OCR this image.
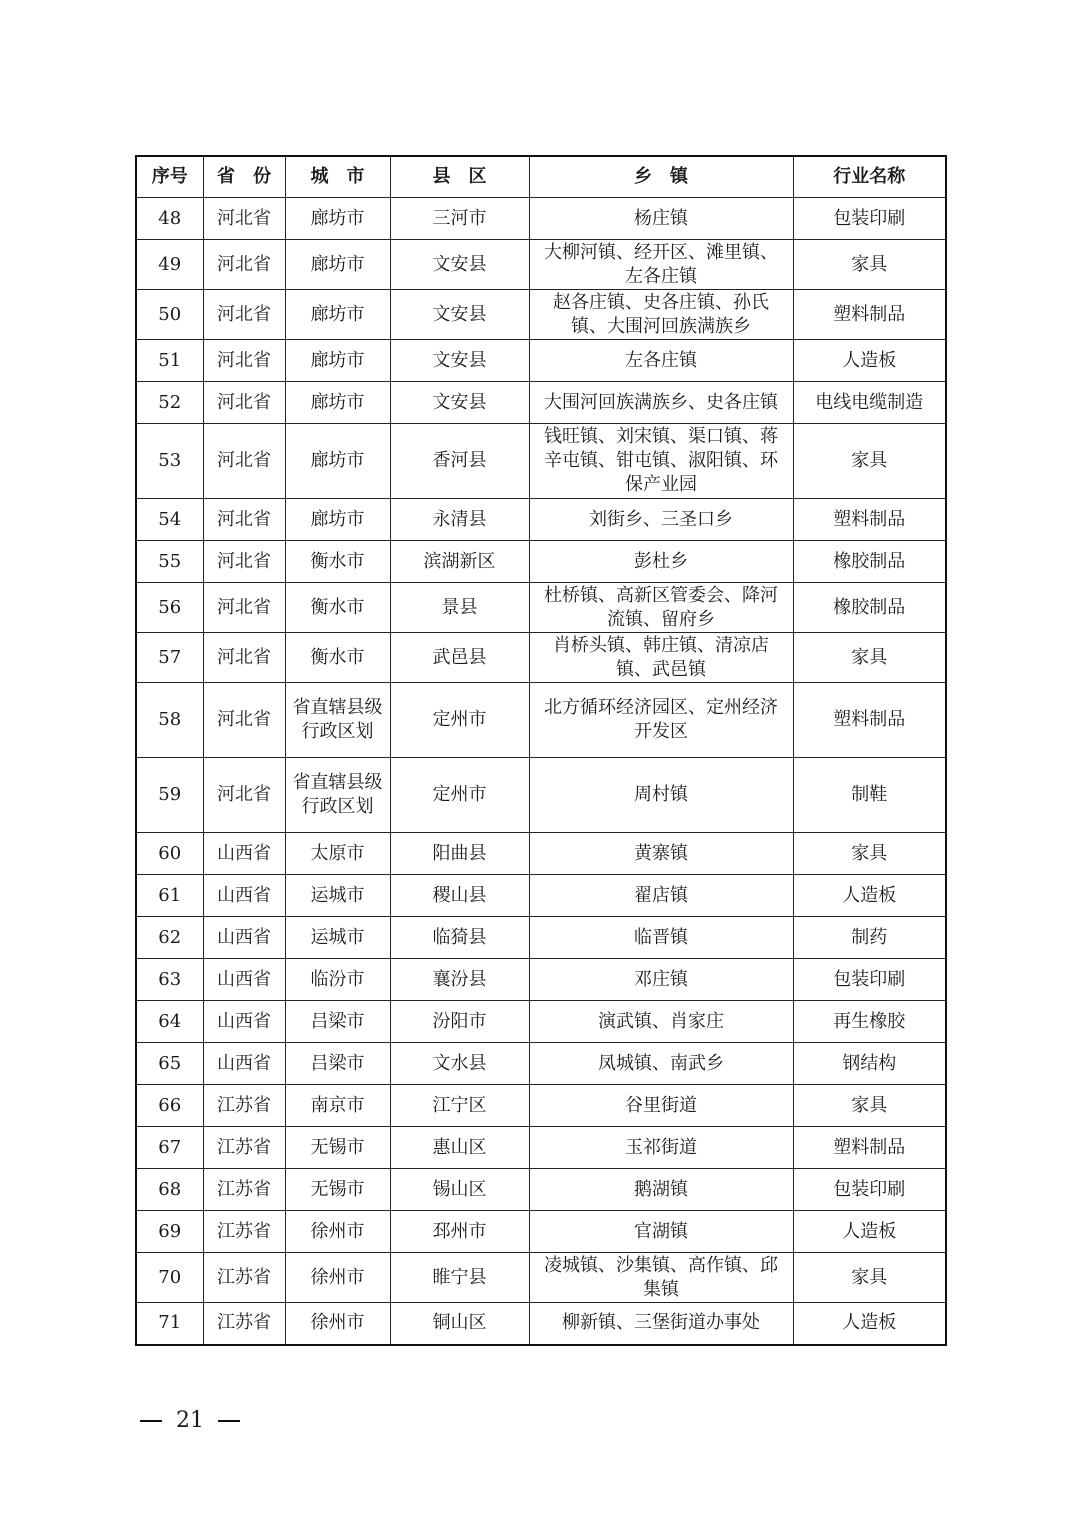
序号	省　份	城　市	县　区	乡　镇	行业名称
48	河北省	廊坊市	三河市	杨庄镇	包装印刷
49	河北省	廊坊市	文安县	大柳河镇、经开区、滩里镇、左各庄镇	家具
50	河北省	廊坊市	文安县	赵各庄镇、史各庄镇、孙氏镇、大围河回族满族乡	塑料制品
51	河北省	廊坊市	文安县	左各庄镇	人造板
52	河北省	廊坊市	文安县	大围河回族满族乡、史各庄镇	电线电缆制造
53	河北省	廊坊市	香河县	钱旺镇、刘宋镇、渠口镇、蒋辛屯镇、钳屯镇、淑阳镇、环保产业园	家具
54	河北省	廊坊市	永清县	刘街乡、三圣口乡	塑料制品
55	河北省	衡水市	滨湖新区	彭杜乡	橡胶制品
56	河北省	衡水市	景县	杜桥镇、高新区管委会、降河流镇、留府乡	橡胶制品
57	河北省	衡水市	武邑县	肖桥头镇、韩庄镇、清凉店镇、武邑镇	家具
58	河北省	省直辖县级行政区划	定州市	北方循环经济园区、定州经济开发区	塑料制品
59	河北省	省直辖县级行政区划	定州市	周村镇	制鞋
60	山西省	太原市	阳曲县	黄寨镇	家具
61	山西省	运城市	稷山县	翟店镇	人造板
62	山西省	运城市	临猗县	临晋镇	制药
63	山西省	临汾市	襄汾县	邓庄镇	包装印刷
64	山西省	吕梁市	汾阳市	演武镇、肖家庄	再生橡胶
65	山西省	吕梁市	文水县	凤城镇、南武乡	钢结构
66	江苏省	南京市	江宁区	谷里街道	家具
67	江苏省	无锡市	惠山区	玉祁街道	塑料制品
68	江苏省	无锡市	锡山区	鹅湖镇	包装印刷
69	江苏省	徐州市	邳州市	官湖镇	人造板
70	江苏省	徐州市	睢宁县	凌城镇、沙集镇、高作镇、邱集镇	家具
71	江苏省	徐州市	铜山区	柳新镇、三堡街道办事处	人造板
21
